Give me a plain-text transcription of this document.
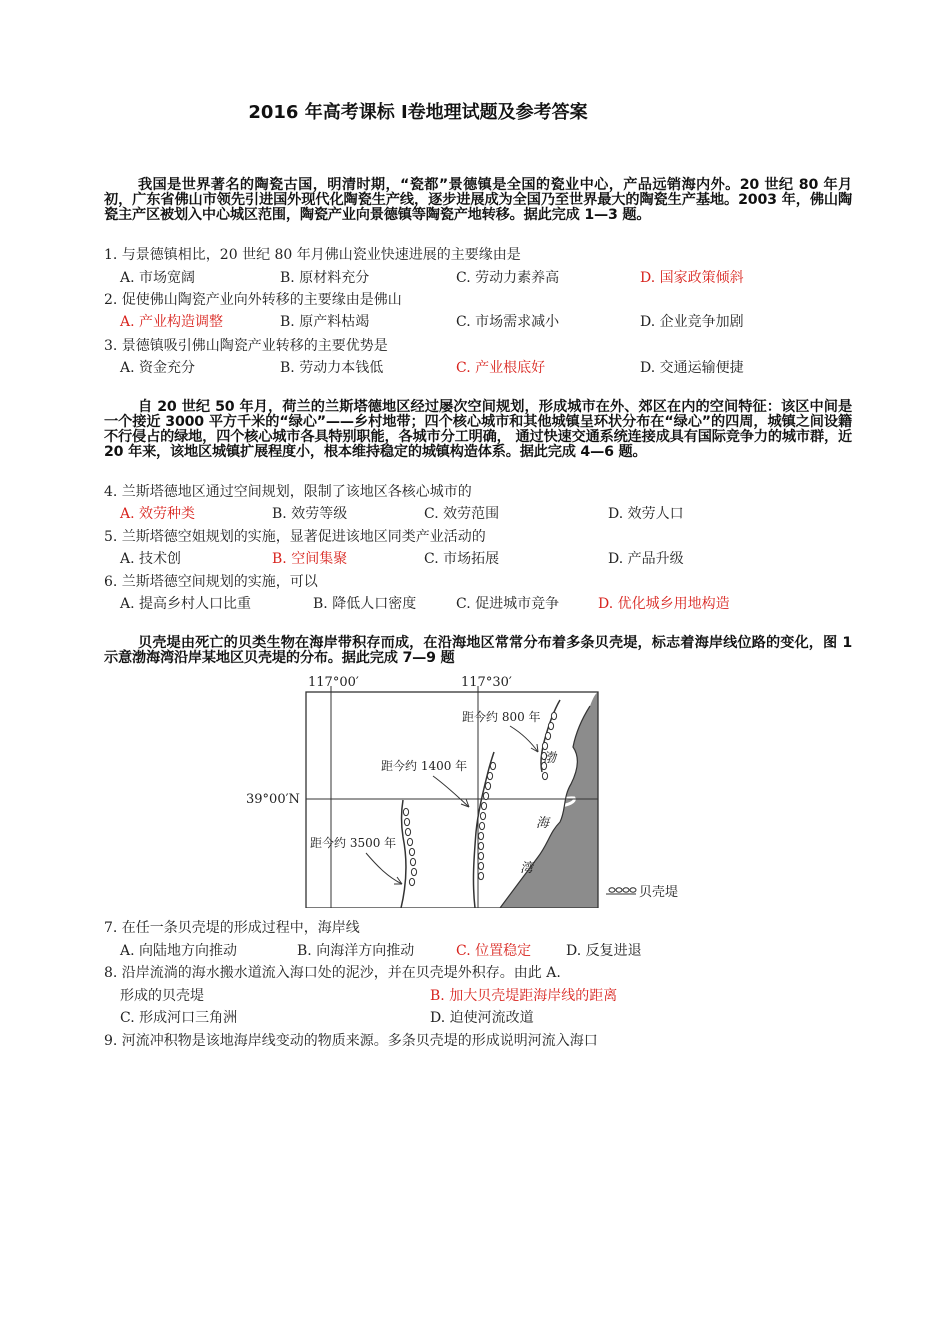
2016 年高考课标 Ⅰ卷地理试题及参考答案
我国是世界著名的陶瓷古国，明清时期，“瓷都”景德镇是全国的瓷业中心，产品远销海内外。20 世纪 80 年月初，广东省佛山市领先引进国外现代化陶瓷生产线，逐步进展成为全国乃至世界最大的陶瓷生产基地。2003 年，佛山陶瓷主产区被划入中心城区范围，陶瓷产业向景德镇等陶瓷产地转移。据此完成 1—3 题。
1. 与景德镇相比，20 世纪 80 年月佛山瓷业快速进展的主要缘由是
A. 市场宽阔	B. 原材料充分	C. 劳动力素养高	D. 国家政策倾斜
2. 促使佛山陶瓷产业向外转移的主要缘由是佛山
A. 产业构造调整	B. 原产料枯竭	C. 市场需求减小	D. 企业竞争加剧
3. 景德镇吸引佛山陶瓷产业转移的主要优势是
A. 资金充分	B. 劳动力本钱低	C. 产业根底好	D. 交通运输便捷
自 20 世纪 50 年月，荷兰的兰斯塔德地区经过屡次空间规划，形成城市在外、郊区在内的空间特征：该区中间是一个接近 3000 平方千米的“绿心”——乡村地带；四个核心城市和其他城镇呈环状分布在“绿心”的四周，城镇之间设籍不行侵占的绿地，四个核心城市各具特别职能，各城市分工明确， 通过快速交通系统连接成具有国际竞争力的城市群，近 20 年来，该地区城镇扩展程度小，根本维持稳定的城镇构造体系。据此完成 4—6 题。
4. 兰斯塔德地区通过空间规划，限制了该地区各核心城市的
A. 效劳种类	B. 效劳等级	C. 效劳范围	D. 效劳人口
5. 兰斯塔德空姐规划的实施，显著促进该地区同类产业活动的
A. 技术创	B. 空间集聚	C. 市场拓展	D. 产品升级
6. 兰斯塔德空间规划的实施，可以
A. 提高乡村人口比重	B. 降低人口密度	C. 促进城市竞争	D. 优化城乡用地构造
贝壳堤由死亡的贝类生物在海岸带积存而成，在沿海地区常常分布着多条贝壳堤，标志着海岸线位路的变化，图 1 示意渤海湾沿岸某地区贝壳堤的分布。据此完成 7—9 题
117°00′	117°30′
39°00′N
距今约 800 年
距今约 1400 年
距今约 3500 年
渤
海
湾
贝壳堤
7. 在任一条贝壳堤的形成过程中，海岸线
A. 向陆地方向推动	B. 向海洋方向推动	C. 位置稳定 D. 反复进退
8. 沿岸流淌的海水搬水道流入海口处的泥沙，并在贝壳堤外积存。由此 A.
形成的贝壳堤	B. 加大贝壳堤距海岸线的距离
C. 形成河口三角洲	D. 迫使河流改道
9. 河流冲积物是该地海岸线变动的物质来源。多条贝壳堤的形成说明河流入海口
